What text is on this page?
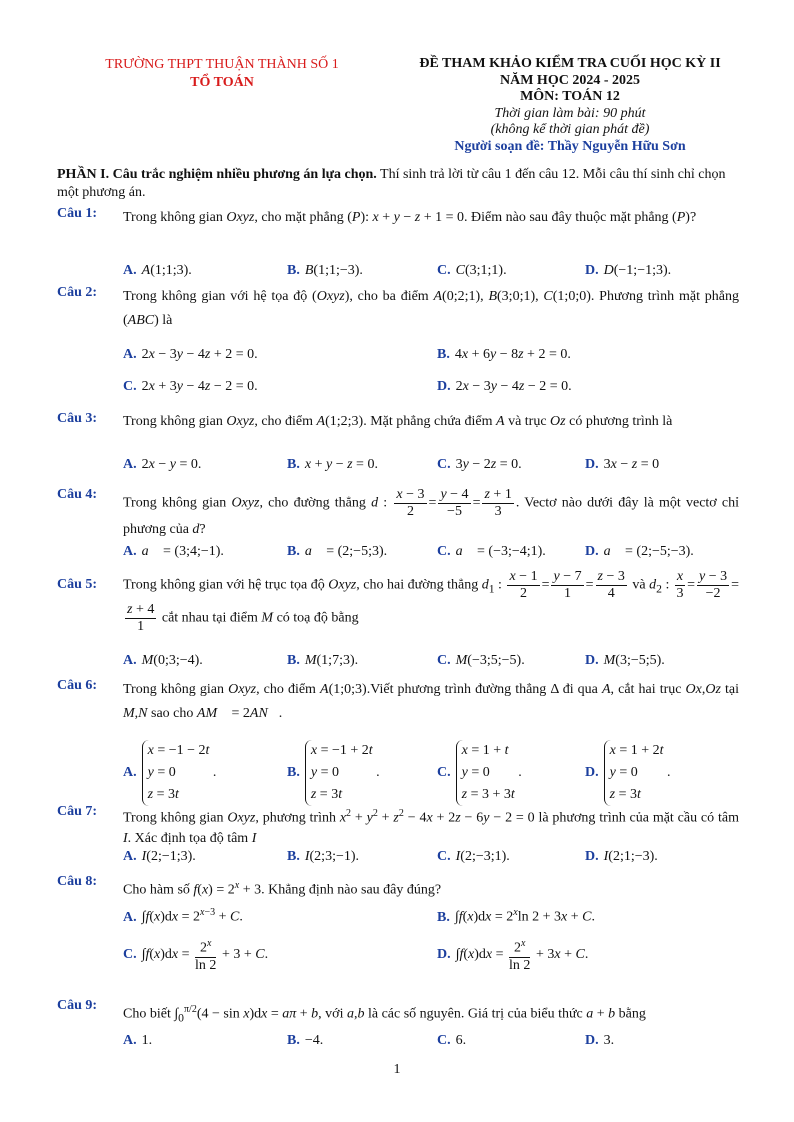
TRƯỜNG THPT THUẬN THÀNH SỐ 1
TỔ TOÁN
ĐỀ THAM KHẢO KIỂM TRA CUỐI HỌC KỲ II
NĂM HỌC 2024 - 2025
MÔN: TOÁN 12
Thời gian làm bài: 90 phút
(không kể thời gian phát đề)
Người soạn đề: Thầy Nguyễn Hữu Sơn
PHẦN I. Câu trắc nghiệm nhiều phương án lựa chọn. Thí sinh trả lời từ câu 1 đến câu 12. Mỗi câu thí sinh chỉ chọn một phương án.
Câu 1: Trong không gian Oxyz, cho mặt phẳng (P): x + y − z + 1 = 0. Điểm nào sau đây thuộc mặt phẳng (P)?
A. A(1;1;3).	B. B(1;1;−3).	C. C(3;1;1).	D. D(−1;−1;3).
Câu 2: Trong không gian với hệ tọa độ (Oxyz), cho ba điểm A(0;2;1), B(3;0;1), C(1;0;0). Phương trình mặt phẳng (ABC) là
A. 2x − 3y − 4z + 2 = 0.	B. 4x + 6y − 8z + 2 = 0.
C. 2x + 3y − 4z − 2 = 0.	D. 2x − 3y − 4z − 2 = 0.
Câu 3: Trong không gian Oxyz, cho điểm A(1;2;3). Mặt phẳng chứa điểm A và trục Oz có phương trình là
A. 2x − y = 0.	B. x + y − z = 0.	C. 3y − 2z = 0.	D. 3x − z = 0
Câu 4:
Trong không gian Oxyz, cho đường thẳng d : $\frac{x - 3}{2} = \frac{y - 4}{-5} = \frac{z + 1}{3}$ . Vectơ nào dưới đây là một vectơ chỉ phương của d?
A. a⃗ = (3;4;−1).	B. a⃗ = (2;−5;3).	C. a⃗ = (−3;−4;1).	D. a⃗ = (2;−5;−3).
Câu 5: Trong không gian với hệ trục tọa độ Oxyz, cho hai đường thẳng $d_1$ : $\frac{x - 1}{2} = \frac{y - 7}{1} = \frac{z - 3}{4}$ và $d_2$ : $\frac{x}{3} = \frac{y - 3}{-2}$ =
$\frac{z + 4}{1}$ cắt nhau tại điểm M có toạ độ bằng
A. M(0;3;−4).	B. M(1;7;3).	C. M(−3;5;−5).	D. M(3;−5;5).
Câu 6: Trong không gian Oxyz, cho điểm A(1;0;3).Viết phương trình đường thẳng Δ đi qua A, cắt hai trục Ox,Oz tại M,N sao cho AM⃗ = 2AN⃗.
A.x = −1 − 2t
y = 0
z = 3t .	B.x = −1 + 2t
y = 0
z = 3t .	C.x = 1 + t
y = 0
z = 3 + 3t .	D.x = 1 + 2t
y = 0
z = 3t .
Câu 7: Trong không gian Oxyz, phương trình $x^2 + y^2 + z^2 - 4x + 2z - 6y - 2 = 0$ là phương trình của mặt cầu có tâm I. Xác định tọa độ tâm I
A. I(2;−1;3).	B. I(2;3;−1).	C. I(2;−3;1).	D. I(2;1;−3).
Câu 8:
Cho hàm số $f(x) = 2^x + 3$. Khẳng định nào sau đây đúng?
A. $\int f(x)dx = 2^{x-3} + C$.	B. $\int f(x)dx = 2^x\ln$ 2 + 3x + C.
C. $\int f(x)dx = \frac{2^x}{\ln 2} + 3 + C$.	D. $\int f(x)dx = \frac{2^x}{\ln 2} + 3x + C$.
Câu 9:
Cho biết $\int_0^{\pi/2}(4 - \sin x)dx = a\pi + b$, với a,b là các số nguyên. Giá trị của biểu thức a + b bằng
A. 1.	B. −4.	C. 6.	D. 3.
1
